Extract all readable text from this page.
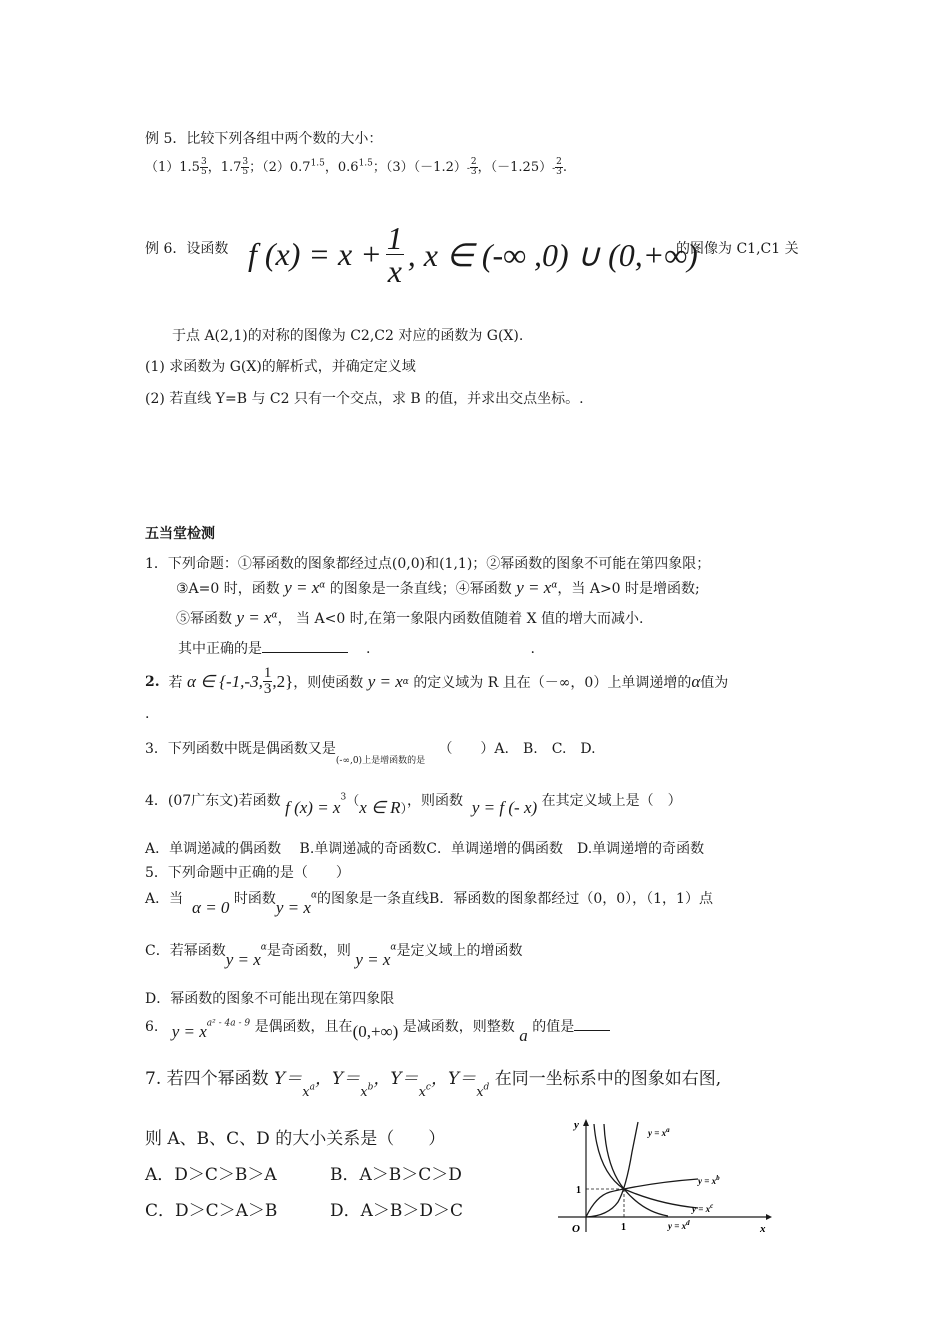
例 5．比较下列各组中两个数的大小：
$(1)1.5 \frac{3}{5}$ ，$1.7 \frac{3}{5}$ ；$(2)0.7^{1.5}$，$0.6^{1.5}$；$(3)(-1.2)- \frac{2}{3}$ ，$(-1.25)- \frac{2}{3}$ .
例 6．设函数 f $(x) = x + \frac{1}{x}$ , x ∈ (-∞ ,0) ∪ (0,+∞)
的图像为 C1,C1 关
于点 A(2,1)的对称的图像为 C2,C2 对应的函数为 G(X).
(1) 求函数为 G(X)的解析式，并确定定义域
(2) 若直线 Y=B 与 C2 只有一个交点，求 B 的值，并求出交点坐标。.
五当堂检测
1．下列命题：①幂函数的图象都经过点(0,0)和(1,1)；②幂函数的图象不可能在第四象限；
③Α=0 时，函数 $y = x^\alpha$ 的图象是一条直线；④幂函数 $y = x^\alpha$，当 Α>0 时是增函数;
⑤幂函数 $y = x^\alpha$， 当 Α<0 时,在第一象限内函数值随着 X 值的增大而减小.
其中正确的是	.	.
2.
若
α ∈ {-1,-3, $\frac{1}{3} ,2$} ，则使函数
y = x α
的定义域为 R 且在（－∞，0）上单调递增的 α 值为
.
3．下列函数中既是偶函数又是$_{(-\infty,0)上是增函数的是}$   （　　）A.　B.　C.　D.
4．(07广东文)若函数 f $(x) = x^3(x$ ∈ R），则函数 y = f (- x) 在其定义域上是（　）
A．单调递减的偶函数　 B.单调递减的奇函数C．单调递增的偶函数　D.单调递增的奇函数
5．下列命题中正确的是（　　）
A．当 α = 0 时函数$y = x^\alpha$的图象是一条直线B．幂函数的图象都经过（0，0），（1，1）点
C．若幂函数$y = x^\alpha$是奇函数，则 $y = x^\alpha$是定义域上的增函数
D．幂函数的图象不可能出现在第四象限
6. $y = x^{a^2 - 4a - 9}$ 是偶函数，且在(0,+∞) 是减函数，则整数 a 的值是
7. 若四个幂函数 $Y=x^a$，$Y=x^b$，$Y=x^c$，$Y=x^d$ 在同一坐标系中的图象如右图,
则 A、B、C、D 的大小关系是（　　）
A．D＞C＞B＞A	B．A＞B＞C＞D
C．D＞C＞A＞B	D．A＞B＞D＞C
y
x
O	1
1
$y = x^a$
$y = x^b$
$y = x^c$
$y = x^d$
